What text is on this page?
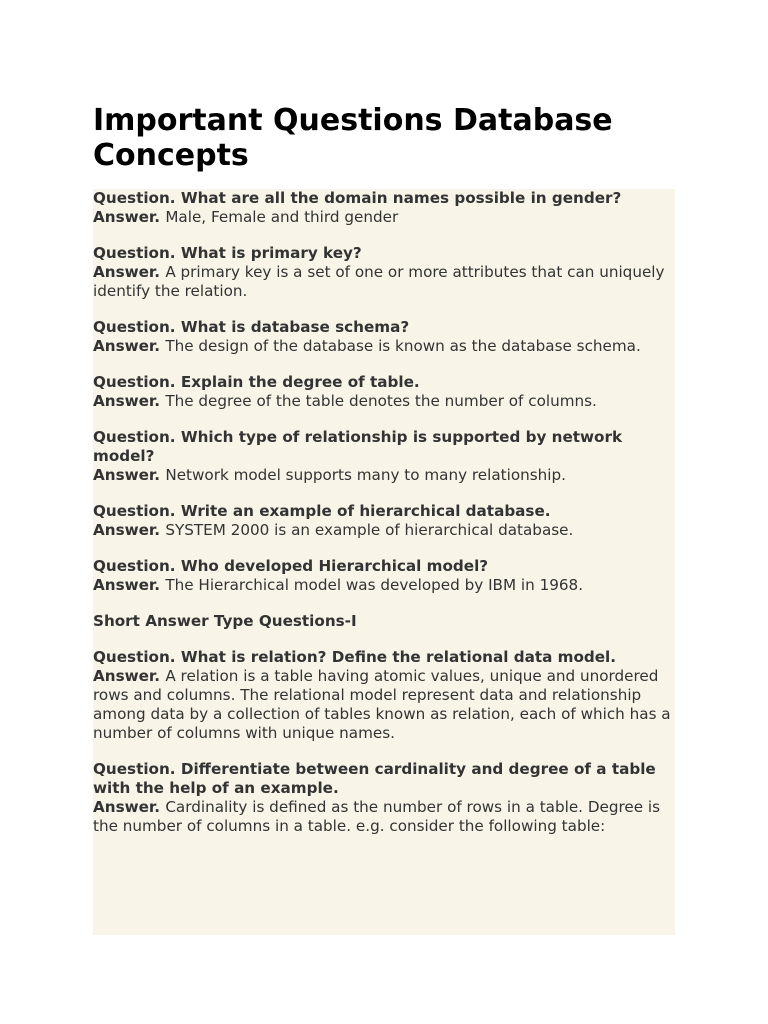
Important Questions Database Concepts
Question. What are all the domain names possible in gender?
Answer. Male, Female and third gender
Question. What is primary key?
Answer. A primary key is a set of one or more attributes that can uniquely identify the relation.
Question. What is database schema?
Answer. The design of the database is known as the database schema.
Question. Explain the degree of table.
Answer. The degree of the table denotes the number of columns.
Question. Which type of relationship is supported by network model?
Answer. Network model supports many to many relationship.
Question. Write an example of hierarchical database.
Answer. SYSTEM 2000 is an example of hierarchical database.
Question. Who developed Hierarchical model?
Answer. The Hierarchical model was developed by IBM in 1968.
Short Answer Type Questions-I
Question. What is relation? Define the relational data model.
Answer. A relation is a table having atomic values, unique and unordered rows and columns. The relational model represent data and relationship among data by a collection of tables known as relation, each of which has a number of columns with unique names.
Question. Differentiate between cardinality and degree of a table with the help of an example.
Answer. Cardinality is defined as the number of rows in a table. Degree is the number of columns in a table. e.g. consider the following table:
